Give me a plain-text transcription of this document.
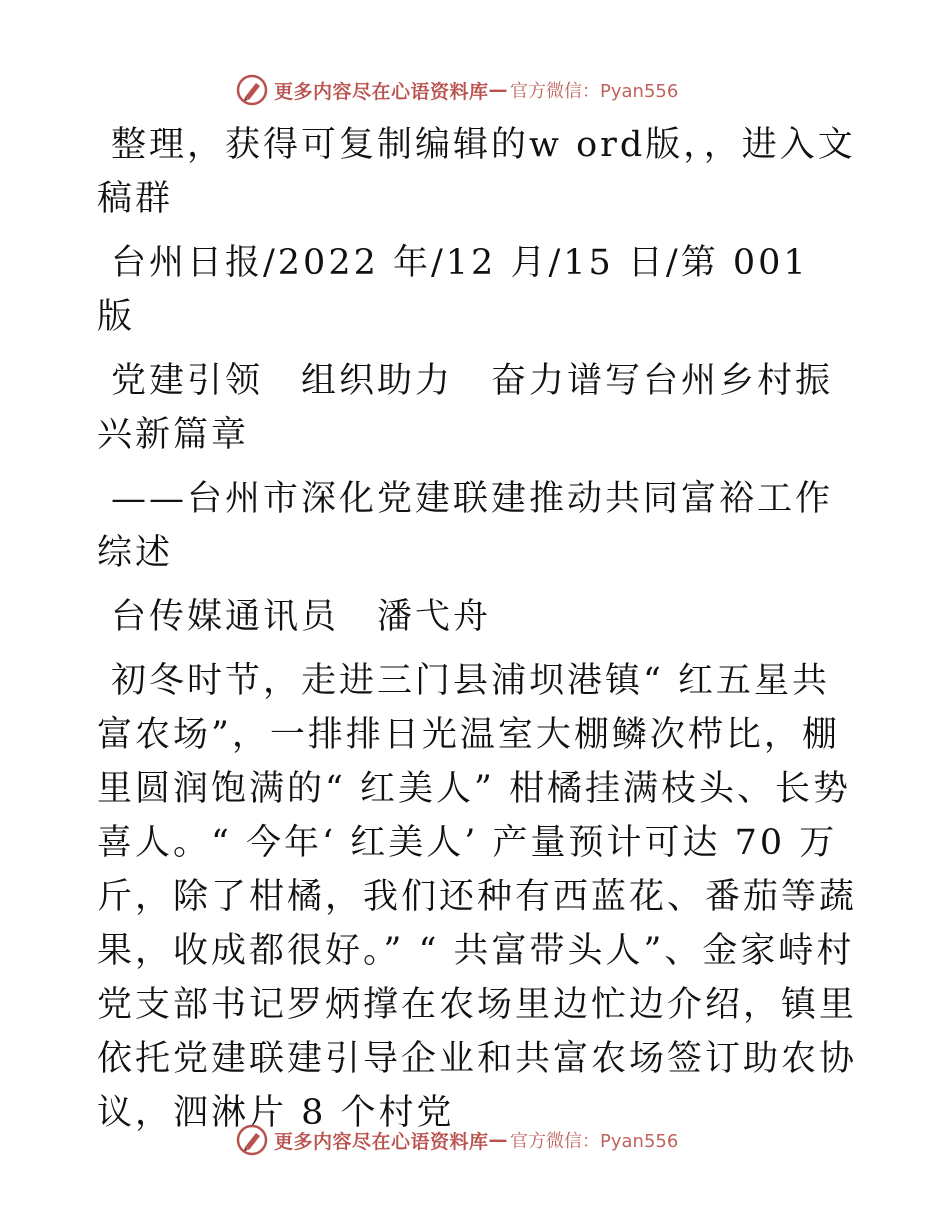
更多内容尽在心语资料库 — 官方微信：Pyan556

整理，获得可复制编辑的w ord版，，进入文稿群

台州日报/2022 年/12 月/15 日/第 001 版

党建引领　组织助力　奋力谱写台州乡村振兴新篇章

——台州市深化党建联建推动共同富裕工作综述

台传媒通讯员　潘弋舟

初冬时节，走进三门县浦坝港镇“ 红五星共富农场”，一排排日光温室大棚鳞次栉比，棚里圆润饱满的“ 红美人” 柑橘挂满枝头、长势喜人。“ 今年‘ 红美人’ 产量预计可达 70 万斤，除了柑橘，我们还种有西蓝花、番茄等蔬果，收成都很好。” “ 共富带头人”、金家峙村党支部书记罗炳撑在农场里边忙边介绍，镇里依托党建联建引导企业和共富农场签订助农协议，泗淋片 8 个村党

更多内容尽在心语资料库 — 官方微信：Pyan556
